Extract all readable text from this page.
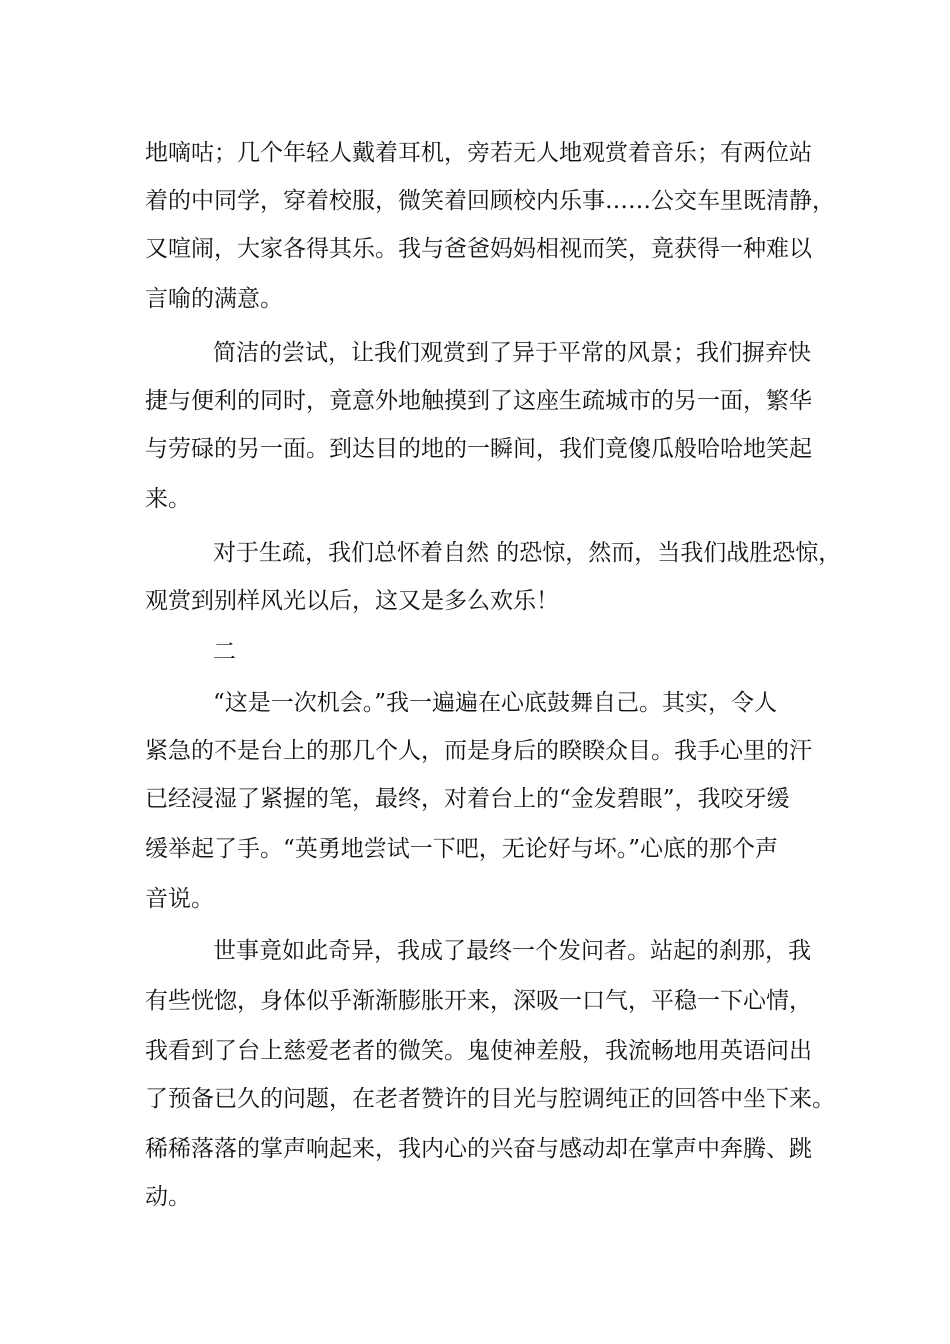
地嘀咕；几个年轻人戴着耳机，旁若无人地观赏着音乐；有两位站
着的中同学，穿着校服，微笑着回顾校内乐事……公交车里既清静，
又喧闹，大家各得其乐。我与爸爸妈妈相视而笑，竟获得一种难以
言喻的满意。
简洁的尝试，让我们观赏到了异于平常的风景；我们摒弃快
捷与便利的同时，竟意外地触摸到了这座生疏城市的另一面，繁华
与劳碌的另一面。到达目的地的一瞬间，我们竟傻瓜般哈哈地笑起
来。
对于生疏，我们总怀着自然 的恐惊，然而，当我们战胜恐惊，
观赏到别样风光以后，这又是多么欢乐！
二
“这是一次机会。”我一遍遍在心底鼓舞自己。其实，令人
紧急的不是台上的那几个人，而是身后的睽睽众目。我手心里的汗
已经浸湿了紧握的笔，最终，对着台上的“金发碧眼”，我咬牙缓
缓举起了手。“英勇地尝试一下吧，无论好与坏。”心底的那个声
音说。
世事竟如此奇异，我成了最终一个发问者。站起的刹那，我
有些恍惚，身体似乎渐渐膨胀开来，深吸一口气，平稳一下心情，
我看到了台上慈爱老者的微笑。鬼使神差般，我流畅地用英语问出
了预备已久的问题，在老者赞许的目光与腔调纯正的回答中坐下来。
稀稀落落的掌声响起来，我内心的兴奋与感动却在掌声中奔腾、跳
动。
